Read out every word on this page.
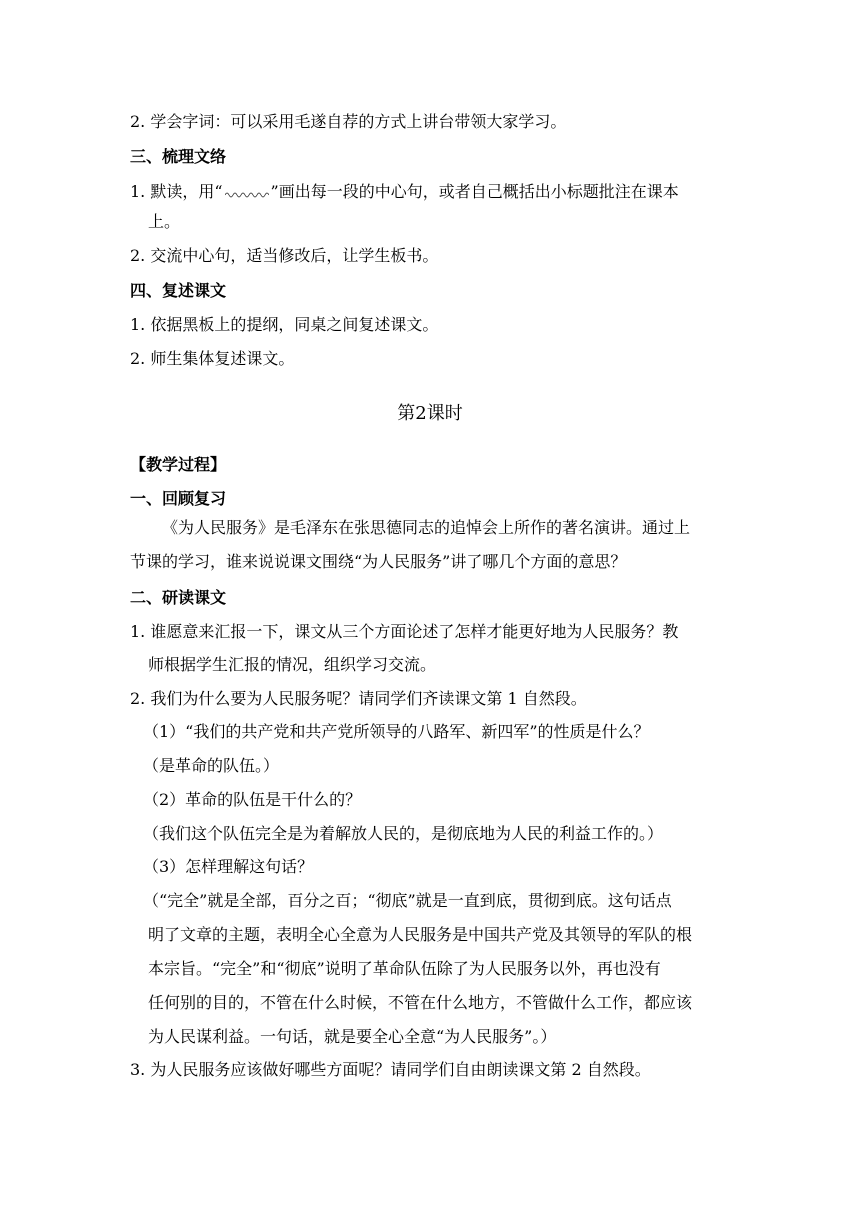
2. 学会字词：可以采用毛遂自荐的方式上讲台带领大家学习。
三、梳理文络
1. 默读，用“	”画出每一段的中心句，或者自己概括出小标题批注在课本
上。
2. 交流中心句，适当修改后，让学生板书。
四、复述课文
1. 依据黑板上的提纲，同桌之间复述课文。
2. 师生集体复述课文。
第2课时
【教学过程】
一、回顾复习
《为人民服务》是毛泽东在张思德同志的追悼会上所作的著名演讲。通过上
节课的学习，谁来说说课文围绕“为人民服务”讲了哪几个方面的意思？
二、研读课文
1. 谁愿意来汇报一下，课文从三个方面论述了怎样才能更好地为人民服务？教
师根据学生汇报的情况，组织学习交流。
2. 我们为什么要为人民服务呢？请同学们齐读课文第 1 自然段。
（1）“我们的共产党和共产党所领导的八路军、新四军”的性质是什么？
（是革命的队伍。）
（2）革命的队伍是干什么的？
（我们这个队伍完全是为着解放人民的，是彻底地为人民的利益工作的。）
（3）怎样理解这句话？
（“完全”就是全部，百分之百；“彻底”就是一直到底，贯彻到底。这句话点
明了文章的主题，表明全心全意为人民服务是中国共产党及其领导的军队的根
本宗旨。“完全”和“彻底”说明了革命队伍除了为人民服务以外，再也没有
任何别的目的，不管在什么时候，不管在什么地方，不管做什么工作，都应该
为人民谋利益。一句话，就是要全心全意“为人民服务”。）
3. 为人民服务应该做好哪些方面呢？请同学们自由朗读课文第 2 自然段。
